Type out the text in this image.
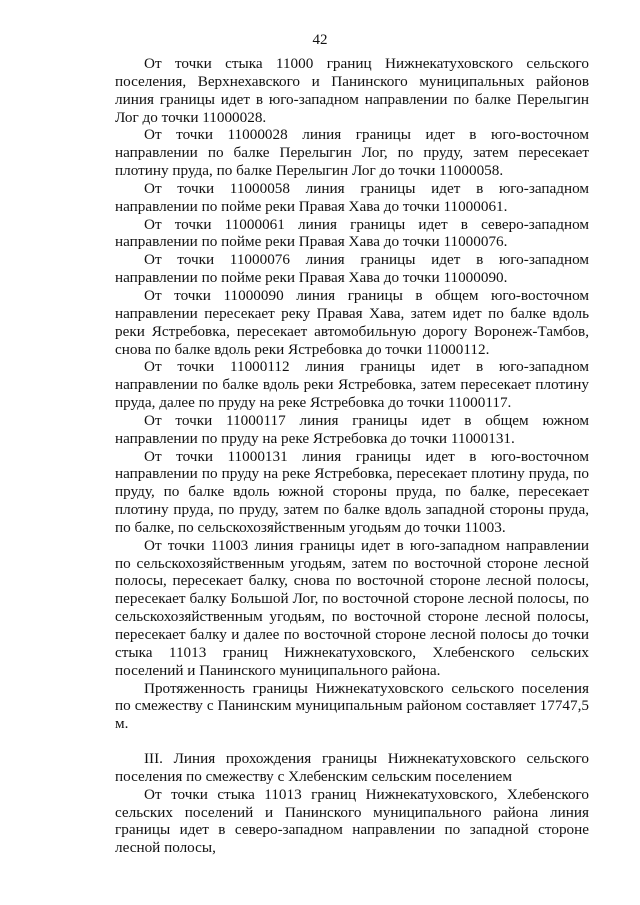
42

От точки стыка 11000 границ Нижнекатуховского сельского поселения, Верхнехавского и Панинского муниципальных районов линия границы идет в юго-западном направлении по балке Перелыгин Лог до точки 11000028.

От точки 11000028 линия границы идет в юго-восточном направлении по балке Перелыгин Лог, по пруду, затем пересекает плотину пруда, по балке Перелыгин Лог до точки 11000058.

От точки 11000058 линия границы идет в юго-западном направлении по пойме реки Правая Хава до точки 11000061.

От точки 11000061 линия границы идет в северо-западном направлении по пойме реки Правая Хава до точки 11000076.

От точки 11000076 линия границы идет в юго-западном направлении по пойме реки Правая Хава до точки 11000090.

От точки 11000090 линия границы в общем юго-восточном направлении пересекает реку Правая Хава, затем идет по балке вдоль реки Ястребовка, пересекает автомобильную дорогу Воронеж-Тамбов, снова по балке вдоль реки Ястребовка до точки 11000112.

От точки 11000112 линия границы идет в юго-западном направлении по балке вдоль реки Ястребовка, затем пересекает плотину пруда, далее по пруду на реке Ястребовка до точки 11000117.

От точки 11000117 линия границы идет в общем южном направлении по пруду на реке Ястребовка до точки 11000131.

От точки 11000131 линия границы идет в юго-восточном направлении по пруду на реке Ястребовка, пересекает плотину пруда, по пруду, по балке вдоль южной стороны пруда, по балке, пересекает плотину пруда, по пруду, затем по балке вдоль западной стороны пруда, по балке, по сельскохозяйственным угодьям до точки 11003.

От точки 11003 линия границы идет в юго-западном направлении по сельскохозяйственным угодьям, затем по восточной стороне лесной полосы, пересекает балку, снова по восточной стороне лесной полосы, пересекает балку Большой Лог, по восточной стороне лесной полосы, по сельскохозяйственным угодьям, по восточной стороне лесной полосы, пересекает балку и далее по восточной стороне лесной полосы до точки стыка 11013 границ Нижнекатуховского, Хлебенского сельских поселений и Панинского муниципального района.

Протяженность границы Нижнекатуховского сельского поселения по смежеству с Панинским муниципальным районом составляет 17747,5 м.

III. Линия прохождения границы Нижнекатуховского сельского поселения по смежеству с Хлебенским сельским поселением

От точки стыка 11013 границ Нижнекатуховского, Хлебенского сельских поселений и Панинского муниципального района линия границы идет в северо-западном направлении по западной стороне лесной полосы,
